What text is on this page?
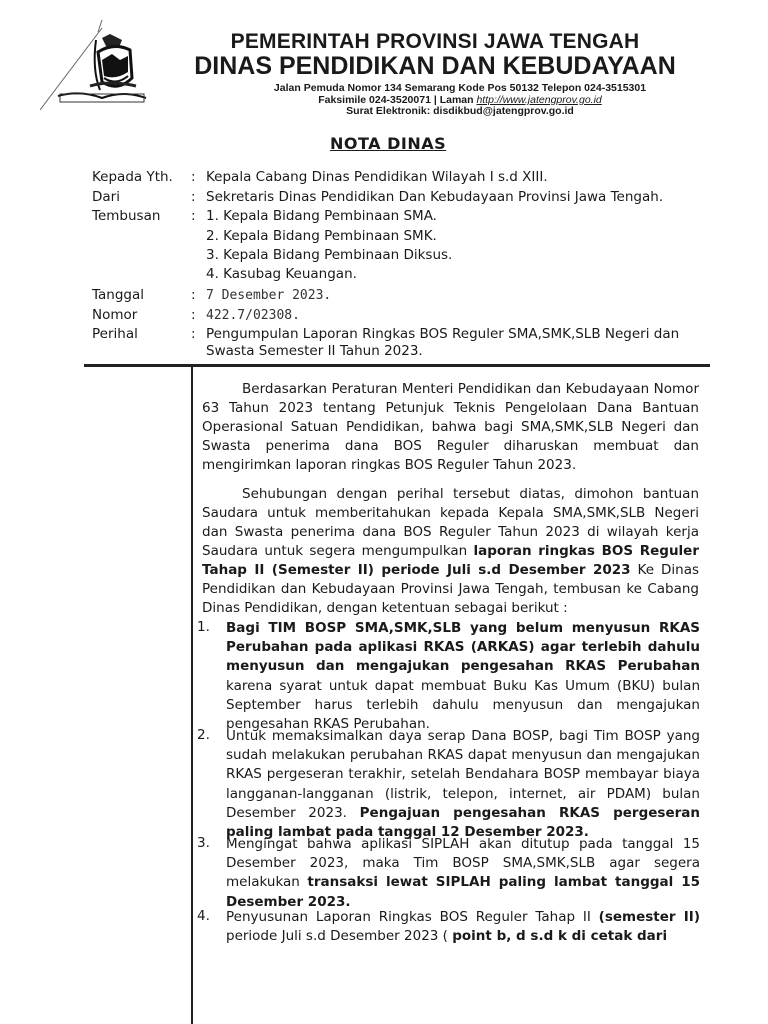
PEMERINTAH PROVINSI JAWA TENGAH
DINAS PENDIDIKAN DAN KEBUDAYAAN
Jalan Pemuda Nomor 134 Semarang Kode Pos 50132 Telepon 024-3515301
Faksimile 024-3520071 | Laman http://www.jatengprov.go.id
Surat Elektronik: disdikbud@jatengprov.go.id
NOTA DINAS
Kepada Yth. : Kepala Cabang Dinas Pendidikan Wilayah I s.d XIII.
Dari	: Sekretaris Dinas Pendidikan Dan Kebudayaan Provinsi Jawa Tengah.
Tembusan : 1. Kepala Bidang Pembinaan SMA.
2. Kepala Bidang Pembinaan SMK.
3. Kepala Bidang Pembinaan Diksus.
4. Kasubag Keuangan.
Tanggal	: 7 Desember 2023.
Nomor	: 422.7/02308.
Perihal	: Pengumpulan Laporan Ringkas BOS Reguler SMA,SMK,SLB Negeri dan
Swasta Semester II Tahun 2023.
Berdasarkan Peraturan Menteri Pendidikan dan Kebudayaan Nomor 63 Tahun 2023 tentang Petunjuk Teknis Pengelolaan Dana Bantuan Operasional Satuan Pendidikan, bahwa bagi SMA,SMK,SLB Negeri dan Swasta penerima dana BOS Reguler diharuskan membuat dan mengirimkan laporan ringkas BOS Reguler Tahun 2023.
Sehubungan dengan perihal tersebut diatas, dimohon bantuan Saudara untuk memberitahukan kepada Kepala SMA,SMK,SLB Negeri dan Swasta penerima dana BOS Reguler Tahun 2023 di wilayah kerja Saudara untuk segera mengumpulkan laporan ringkas BOS Reguler Tahap II (Semester II) periode Juli s.d Desember 2023 Ke Dinas Pendidikan dan Kebudayaan Provinsi Jawa Tengah, tembusan ke Cabang Dinas Pendidikan, dengan ketentuan sebagai berikut :
1. Bagi TIM BOSP SMA,SMK,SLB yang belum menyusun RKAS Perubahan pada aplikasi RKAS (ARKAS) agar terlebih dahulu menyusun dan mengajukan pengesahan RKAS Perubahan karena syarat untuk dapat membuat Buku Kas Umum (BKU) bulan September harus terlebih dahulu menyusun dan mengajukan pengesahan RKAS Perubahan.
2. Untuk memaksimalkan daya serap Dana BOSP, bagi Tim BOSP yang sudah melakukan perubahan RKAS dapat menyusun dan mengajukan RKAS pergeseran terakhir, setelah Bendahara BOSP membayar biaya langganan-langganan (listrik, telepon, internet, air PDAM) bulan Desember 2023. Pengajuan pengesahan RKAS pergeseran paling lambat pada tanggal 12 Desember 2023.
3. Mengingat bahwa aplikasi SIPLAH akan ditutup pada tanggal 15 Desember 2023, maka Tim BOSP SMA,SMK,SLB agar segera melakukan transaksi lewat SIPLAH paling lambat tanggal 15 Desember 2023.
4. Penyusunan Laporan Ringkas BOS Reguler Tahap II (semester II) periode Juli s.d Desember 2023 ( point b, d s.d k di cetak dari
